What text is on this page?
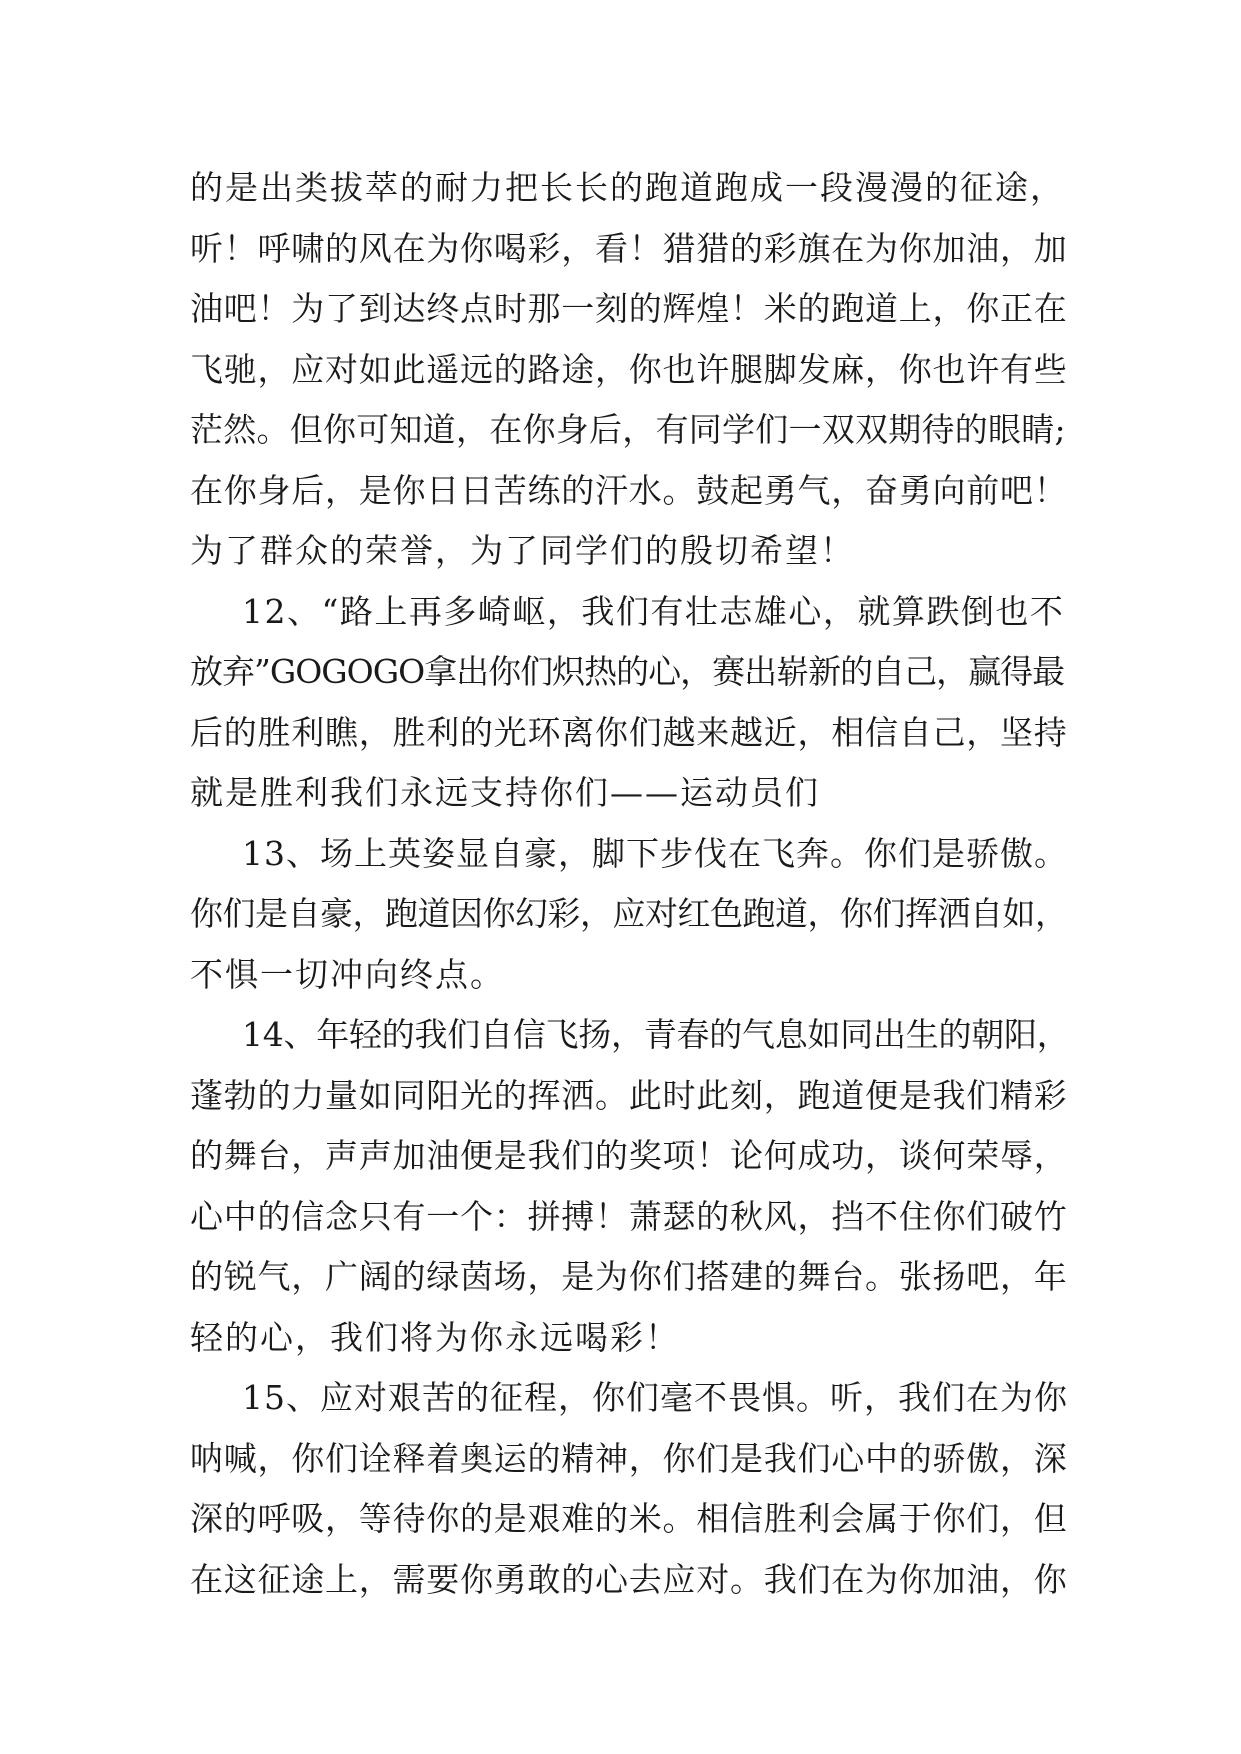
的是出类拔萃的耐力把长长的跑道跑成一段漫漫的征途，
听！呼啸的风在为你喝彩，看！猎猎的彩旗在为你加油，加
油吧！为了到达终点时那一刻的辉煌！米的跑道上，你正在
飞驰，应对如此遥远的路途，你也许腿脚发麻，你也许有些
茫然。但你可知道，在你身后，有同学们一双双期待的眼睛;
在你身后，是你日日苦练的汗水。鼓起勇气，奋勇向前吧！
为了群众的荣誉，为了同学们的殷切希望！
12、“路上再多崎岖，我们有壮志雄心，就算跌倒也不
放弃”GOGOGO拿出你们炽热的心，赛出崭新的自己，赢得最
后的胜利瞧，胜利的光环离你们越来越近，相信自己，坚持
就是胜利我们永远支持你们——运动员们
13、场上英姿显自豪，脚下步伐在飞奔。你们是骄傲。
你们是自豪，跑道因你幻彩，应对红色跑道，你们挥洒自如，
不惧一切冲向终点。
14、年轻的我们自信飞扬，青春的气息如同出生的朝阳，
蓬勃的力量如同阳光的挥洒。此时此刻，跑道便是我们精彩
的舞台，声声加油便是我们的奖项！论何成功，谈何荣辱，
心中的信念只有一个：拼搏！萧瑟的秋风，挡不住你们破竹
的锐气，广阔的绿茵场，是为你们搭建的舞台。张扬吧，年
轻的心，我们将为你永远喝彩！
15、应对艰苦的征程，你们毫不畏惧。听，我们在为你
呐喊，你们诠释着奥运的精神，你们是我们心中的骄傲，深
深的呼吸，等待你的是艰难的米。相信胜利会属于你们，但
在这征途上，需要你勇敢的心去应对。我们在为你加油，你
